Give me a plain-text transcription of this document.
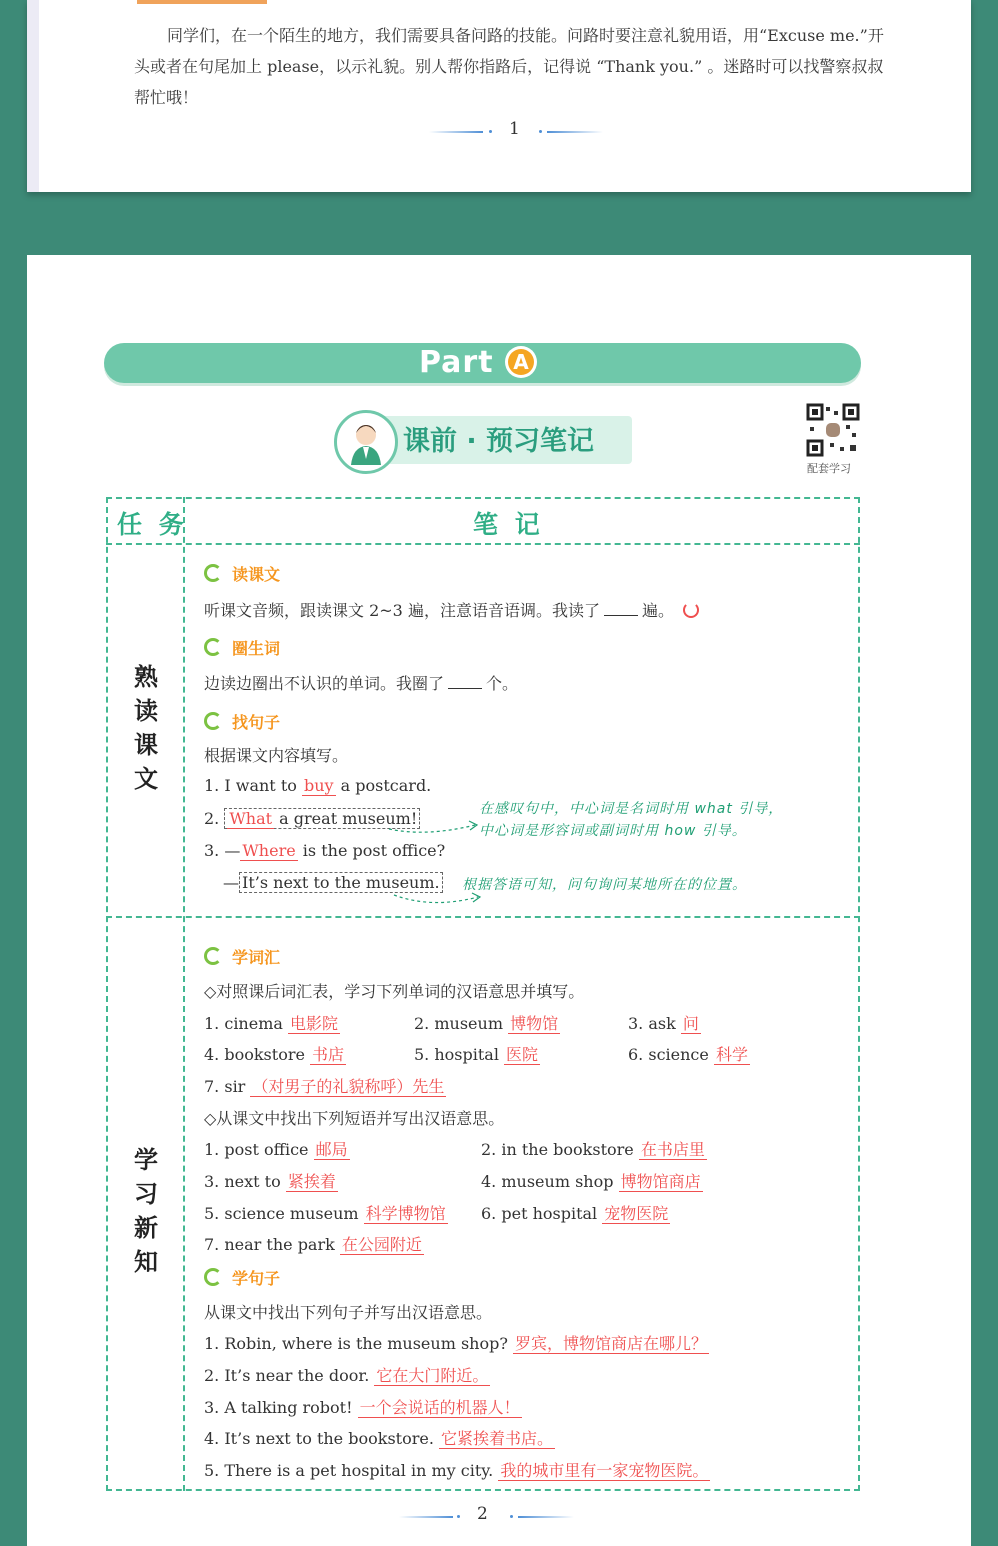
同学们，在一个陌生的地方，我们需要具备问路的技能。问路时要注意礼貌用语，用“Excuse me.”开头或者在句尾加上 please，以示礼貌。别人帮你指路后，记得说 “Thank you.” 。迷路时可以找警察叔叔帮忙哦！
1
Part A
课前 · 预习笔记
配套学习
任 务	笔 记
熟
读
课
文
学
习
新
知
读课文
听课文音频，跟读课文 2~3 遍，注意语音语调。我读了	遍。
圈生词
边读边圈出不认识的单词。我圈了	个。
找句子
根据课文内容填写。
1. I want to buy a postcard.
2. What a great museum!
3. — Where is the post office?
— It’s next to the museum.
在感叹句中，中心词是名词时用 what 引导，
中心词是形容词或副词时用 how 引导。
根据答语可知，问句询问某地所在的位置。
学词汇
◇对照课后词汇表，学习下列单词的汉语意思并填写。
1. cinema 电影院	2. museum 博物馆	3. ask 问
4. bookstore 书店	5. hospital 医院	6. science 科学
7. sir （对男子的礼貌称呼）先生
◇从课文中找出下列短语并写出汉语意思。
1. post office 邮局	2. in the bookstore 在书店里
3. next to 紧挨着	4. museum shop 博物馆商店
5. science museum 科学博物馆 6. pet hospital 宠物医院
7. near the park 在公园附近
学句子
从课文中找出下列句子并写出汉语意思。
1. Robin, where is the museum shop? 罗宾，博物馆商店在哪儿？
2. It’s near the door. 它在大门附近。
3. A talking robot! 一个会说话的机器人！
4. It’s next to the bookstore. 它紧挨着书店。
5. There is a pet hospital in my city. 我的城市里有一家宠物医院。
2
